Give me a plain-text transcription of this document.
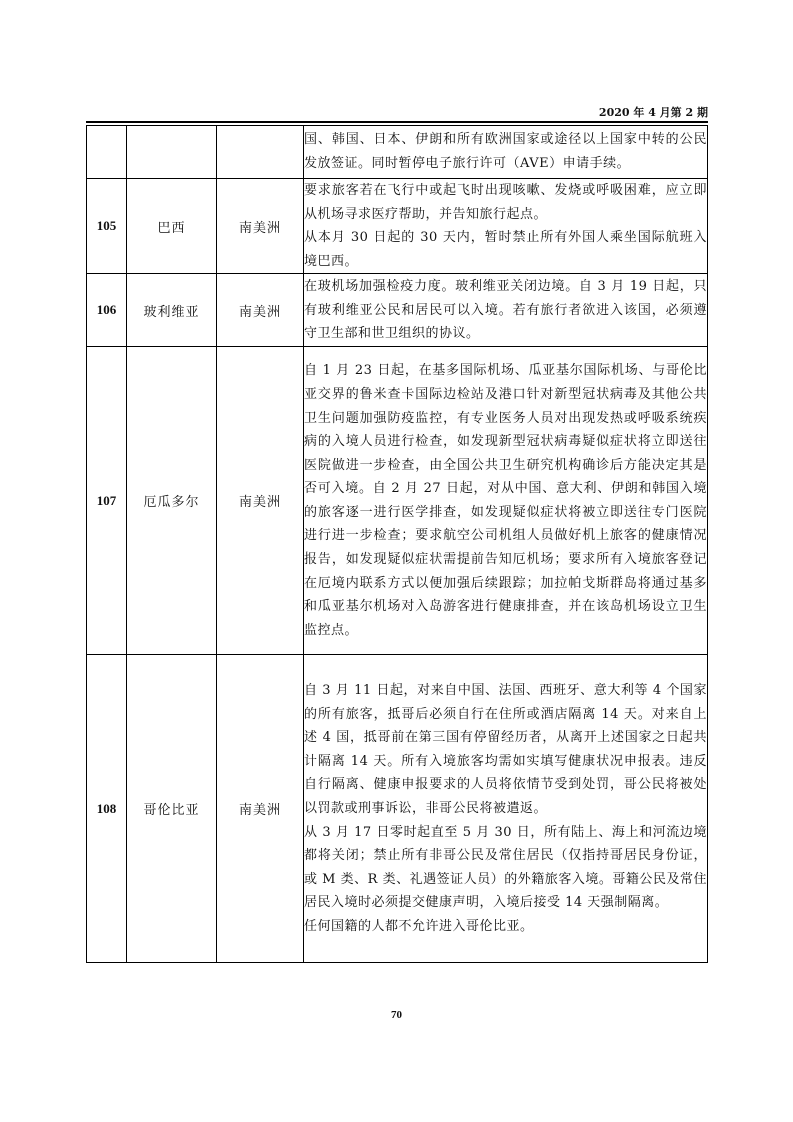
2020 年 4 月第 2 期

			国、韩国、日本、伊朗和所有欧洲国家或途径以上国家中转的公民发放签证。同时暂停电子旅行许可（AVE）申请手续。

105	巴西	南美洲	要求旅客若在飞行中或起飞时出现咳嗽、发烧或呼吸困难，应立即从机场寻求医疗帮助，并告知旅行起点。
从本月 30 日起的 30 天内，暂时禁止所有外国人乘坐国际航班入境巴西。

106	玻利维亚	南美洲	在玻机场加强检疫力度。玻利维亚关闭边境。自 3 月 19 日起，只有玻利维亚公民和居民可以入境。若有旅行者欲进入该国，必须遵守卫生部和世卫组织的协议。

107	厄瓜多尔	南美洲	自 1 月 23 日起，在基多国际机场、瓜亚基尔国际机场、与哥伦比亚交界的鲁米查卡国际边检站及港口针对新型冠状病毒及其他公共卫生问题加强防疫监控，有专业医务人员对出现发热或呼吸系统疾病的入境人员进行检查，如发现新型冠状病毒疑似症状将立即送往医院做进一步检查，由全国公共卫生研究机构确诊后方能决定其是否可入境。自 2 月 27 日起，对从中国、意大利、伊朗和韩国入境的旅客逐一进行医学排查，如发现疑似症状将被立即送往专门医院进行进一步检查；要求航空公司机组人员做好机上旅客的健康情况报告，如发现疑似症状需提前告知厄机场；要求所有入境旅客登记在厄境内联系方式以便加强后续跟踪；加拉帕戈斯群岛将通过基多和瓜亚基尔机场对入岛游客进行健康排查，并在该岛机场设立卫生监控点。

108	哥伦比亚	南美洲	自 3 月 11 日起，对来自中国、法国、西班牙、意大利等 4 个国家的所有旅客，抵哥后必须自行在住所或酒店隔离 14 天。对来自上述 4 国，抵哥前在第三国有停留经历者，从离开上述国家之日起共计隔离 14 天。所有入境旅客均需如实填写健康状况申报表。违反自行隔离、健康申报要求的人员将依情节受到处罚，哥公民将被处以罚款或刑事诉讼，非哥公民将被遣返。
从 3 月 17 日零时起直至 5 月 30 日，所有陆上、海上和河流边境都将关闭；禁止所有非哥公民及常住居民（仅指持哥居民身份证，或 M 类、R 类、礼遇签证人员）的外籍旅客入境。哥籍公民及常住居民入境时必须提交健康声明，入境后接受 14 天强制隔离。
任何国籍的人都不允许进入哥伦比亚。
70
